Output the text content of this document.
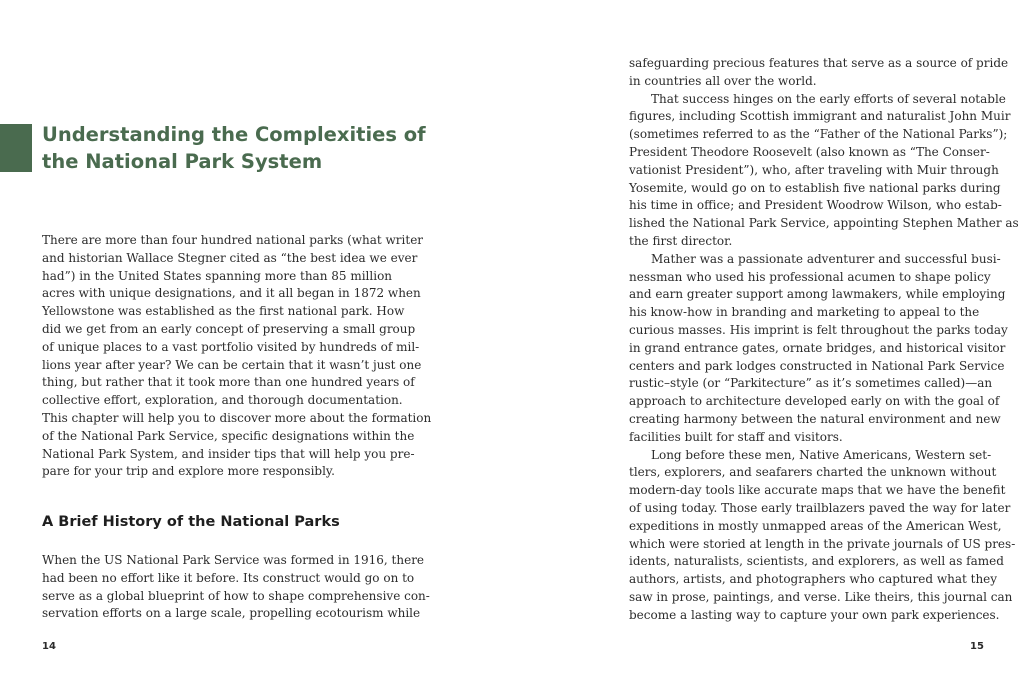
Understanding the Complexities of
the National Park System
There are more than four hundred national parks (what writer
and historian Wallace Stegner cited as “the best idea we ever
had”) in the United States spanning more than 85 million
acres with unique designations, and it all began in 1872 when
Yellowstone was established as the first national park. How
did we get from an early concept of preserving a small group
of unique places to a vast portfolio visited by hundreds of mil-
lions year after year? We can be certain that it wasn’t just one
thing, but rather that it took more than one hundred years of
collective effort, exploration, and thorough documentation.
This chapter will help you to discover more about the formation
of the National Park Service, specific designations within the
National Park System, and insider tips that will help you pre-
pare for your trip and explore more responsibly.
A Brief History of the National Parks
When the US National Park Service was formed in 1916, there
had been no effort like it before. Its construct would go on to
serve as a global blueprint of how to shape comprehensive con-
servation efforts on a large scale, propelling ecotourism while
14
safeguarding precious features that serve as a source of pride
in countries all over the world.
That success hinges on the early efforts of several notable
figures, including Scottish immigrant and naturalist John Muir
(sometimes referred to as the “Father of the National Parks”);
President Theodore Roosevelt (also known as “The Conser-
vationist President”), who, after traveling with Muir through
Yosemite, would go on to establish five national parks during
his time in office; and President Woodrow Wilson, who estab-
lished the National Park Service, appointing Stephen Mather as
the first director.
Mather was a passionate adventurer and successful busi-
nessman who used his professional acumen to shape policy
and earn greater support among lawmakers, while employing
his know-how in branding and marketing to appeal to the
curious masses. His imprint is felt throughout the parks today
in grand entrance gates, ornate bridges, and historical visitor
centers and park lodges constructed in National Park Service
rustic–style (or “Parkitecture” as it’s sometimes called)—an
approach to architecture developed early on with the goal of
creating harmony between the natural environment and new
facilities built for staff and visitors.
Long before these men, Native Americans, Western set-
tlers, explorers, and seafarers charted the unknown without
modern-day tools like accurate maps that we have the benefit
of using today. Those early trailblazers paved the way for later
expeditions in mostly unmapped areas of the American West,
which were storied at length in the private journals of US pres-
idents, naturalists, scientists, and explorers, as well as famed
authors, artists, and photographers who captured what they
saw in prose, paintings, and verse. Like theirs, this journal can
become a lasting way to capture your own park experiences.
15
